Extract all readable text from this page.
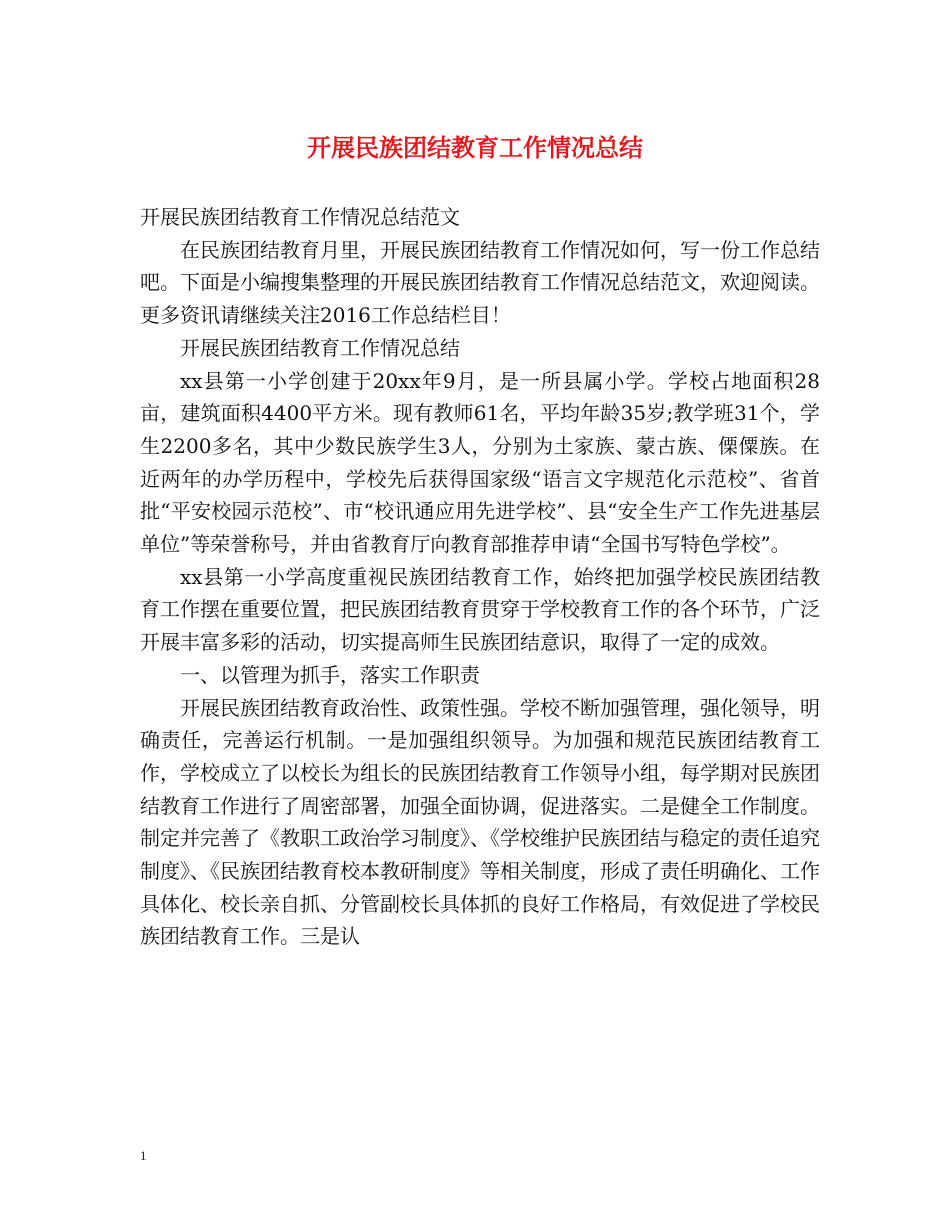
开展民族团结教育工作情况总结

开展民族团结教育工作情况总结范文

在民族团结教育月里，开展民族团结教育工作情况如何，写一份工作总结吧。下面是小编搜集整理的开展民族团结教育工作情况总结范文，欢迎阅读。更多资讯请继续关注2016工作总结栏目！

开展民族团结教育工作情况总结

xx县第一小学创建于20xx年9月，是一所县属小学。学校占地面积28亩，建筑面积4400平方米。现有教师61名，平均年龄35岁;教学班31个，学生2200多名，其中少数民族学生3人，分别为土家族、蒙古族、傈僳族。在近两年的办学历程中，学校先后获得国家级“语言文字规范化示范校”、省首批“平安校园示范校”、市“校讯通应用先进学校”、县“安全生产工作先进基层单位”等荣誉称号，并由省教育厅向教育部推荐申请“全国书写特色学校”。

xx县第一小学高度重视民族团结教育工作，始终把加强学校民族团结教育工作摆在重要位置，把民族团结教育贯穿于学校教育工作的各个环节，广泛开展丰富多彩的活动，切实提高师生民族团结意识，取得了一定的成效。

一、以管理为抓手，落实工作职责

开展民族团结教育政治性、政策性强。学校不断加强管理，强化领导，明确责任，完善运行机制。一是加强组织领导。为加强和规范民族团结教育工作，学校成立了以校长为组长的民族团结教育工作领导小组，每学期对民族团结教育工作进行了周密部署，加强全面协调，促进落实。二是健全工作制度。制定并完善了《教职工政治学习制度》、《学校维护民族团结与稳定的责任追究制度》、《民族团结教育校本教研制度》等相关制度，形成了责任明确化、工作具体化、校长亲自抓、分管副校长具体抓的良好工作格局，有效促进了学校民族团结教育工作。三是认

1
